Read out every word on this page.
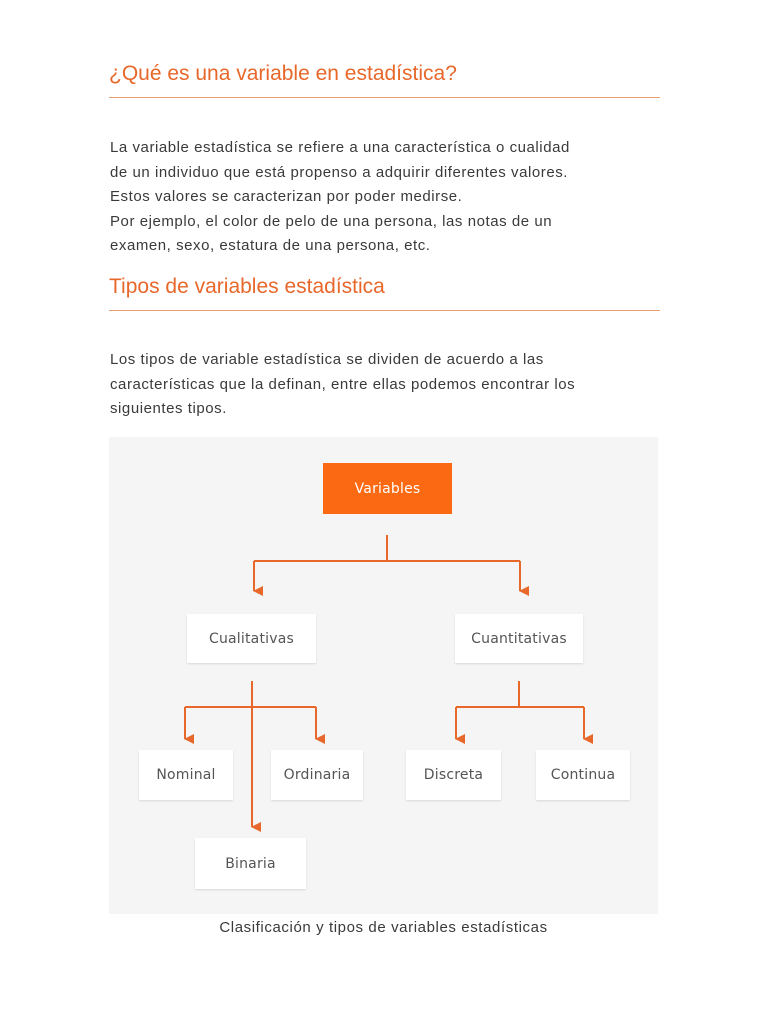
¿Qué es una variable en estadística?

La variable estadística se refiere a una característica o cualidad
de un individuo que está propenso a adquirir diferentes valores.
Estos valores se caracterizan por poder medirse.
Por ejemplo, el color de pelo de una persona, las notas de un
examen, sexo, estatura de una persona, etc.

Tipos de variables estadística

Los tipos de variable estadística se dividen de acuerdo a las
características que la definan, entre ellas podemos encontrar los
siguientes tipos.

Variables
Cualitativas	Cuantitativas
Nominal	Ordinaria	Discreta	Continua
Binaria

Clasificación y tipos de variables estadísticas
